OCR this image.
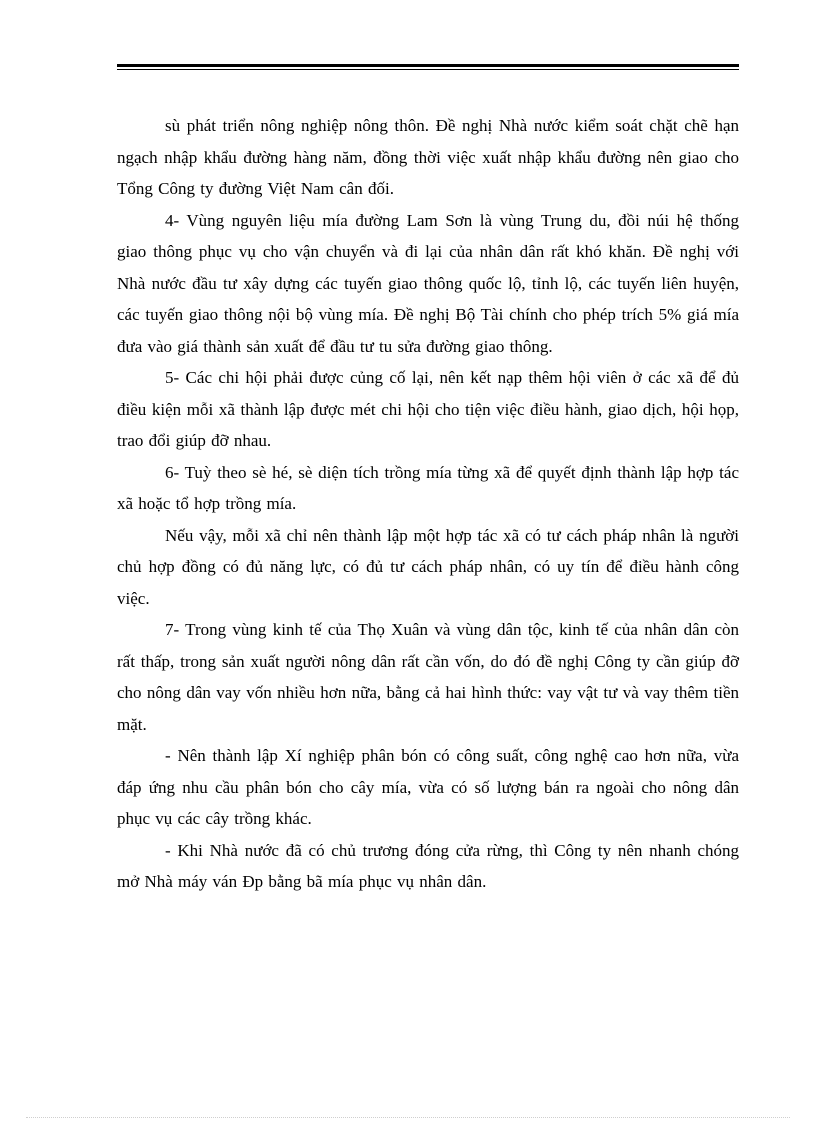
sù phát triển nông nghiệp nông thôn. Đề nghị Nhà nước kiểm soát chặt chẽ hạn ngạch nhập khẩu đường hàng năm, đồng thời việc xuất nhập khẩu đường nên giao cho Tổng Công ty đường Việt Nam cân đối.

4- Vùng nguyên liệu mía đường Lam Sơn là vùng Trung du, đồi núi hệ thống giao thông phục vụ cho vận chuyển và đi lại của nhân dân rất khó khăn. Đề nghị với Nhà nước đầu tư xây dựng các tuyến giao thông quốc lộ, tỉnh lộ, các tuyến liên huyện, các tuyến giao thông nội bộ vùng mía. Đề nghị Bộ Tài chính cho phép trích 5% giá mía đưa vào giá thành sản xuất để đầu tư tu sửa đường giao thông.

5- Các chi hội phải được củng cố lại, nên kết nạp thêm hội viên ở các xã để đủ điều kiện mỗi xã thành lập được mét chi hội cho tiện việc điều hành, giao dịch, hội họp, trao đổi giúp đỡ nhau.

6- Tuỳ theo sè hé, sè diện tích trồng mía từng xã để quyết định thành lập hợp tác xã hoặc tổ hợp trồng mía.

Nếu vậy, mỗi xã chỉ nên thành lập một hợp tác xã có tư cách pháp nhân là người chủ hợp đồng có đủ năng lực, có đủ tư cách pháp nhân, có uy tín để điều hành công việc.

7- Trong vùng kinh tế của Thọ Xuân và vùng dân tộc, kinh tế của nhân dân còn rất thấp, trong sản xuất người nông dân rất cần vốn, do đó đề nghị Công ty cần giúp đỡ cho nông dân vay vốn nhiều hơn nữa, bằng cả hai hình thức: vay vật tư và vay thêm tiền mặt.

- Nên thành lập Xí nghiệp phân bón có công suất, công nghệ cao hơn nữa, vừa đáp ứng nhu cầu phân bón cho cây mía, vừa có số lượng bán ra ngoài cho nông dân phục vụ các cây trồng khác.

- Khi Nhà nước đã có chủ trương đóng cửa rừng, thì Công ty nên nhanh chóng mở Nhà máy ván Ðp bằng bã mía phục vụ nhân dân.
